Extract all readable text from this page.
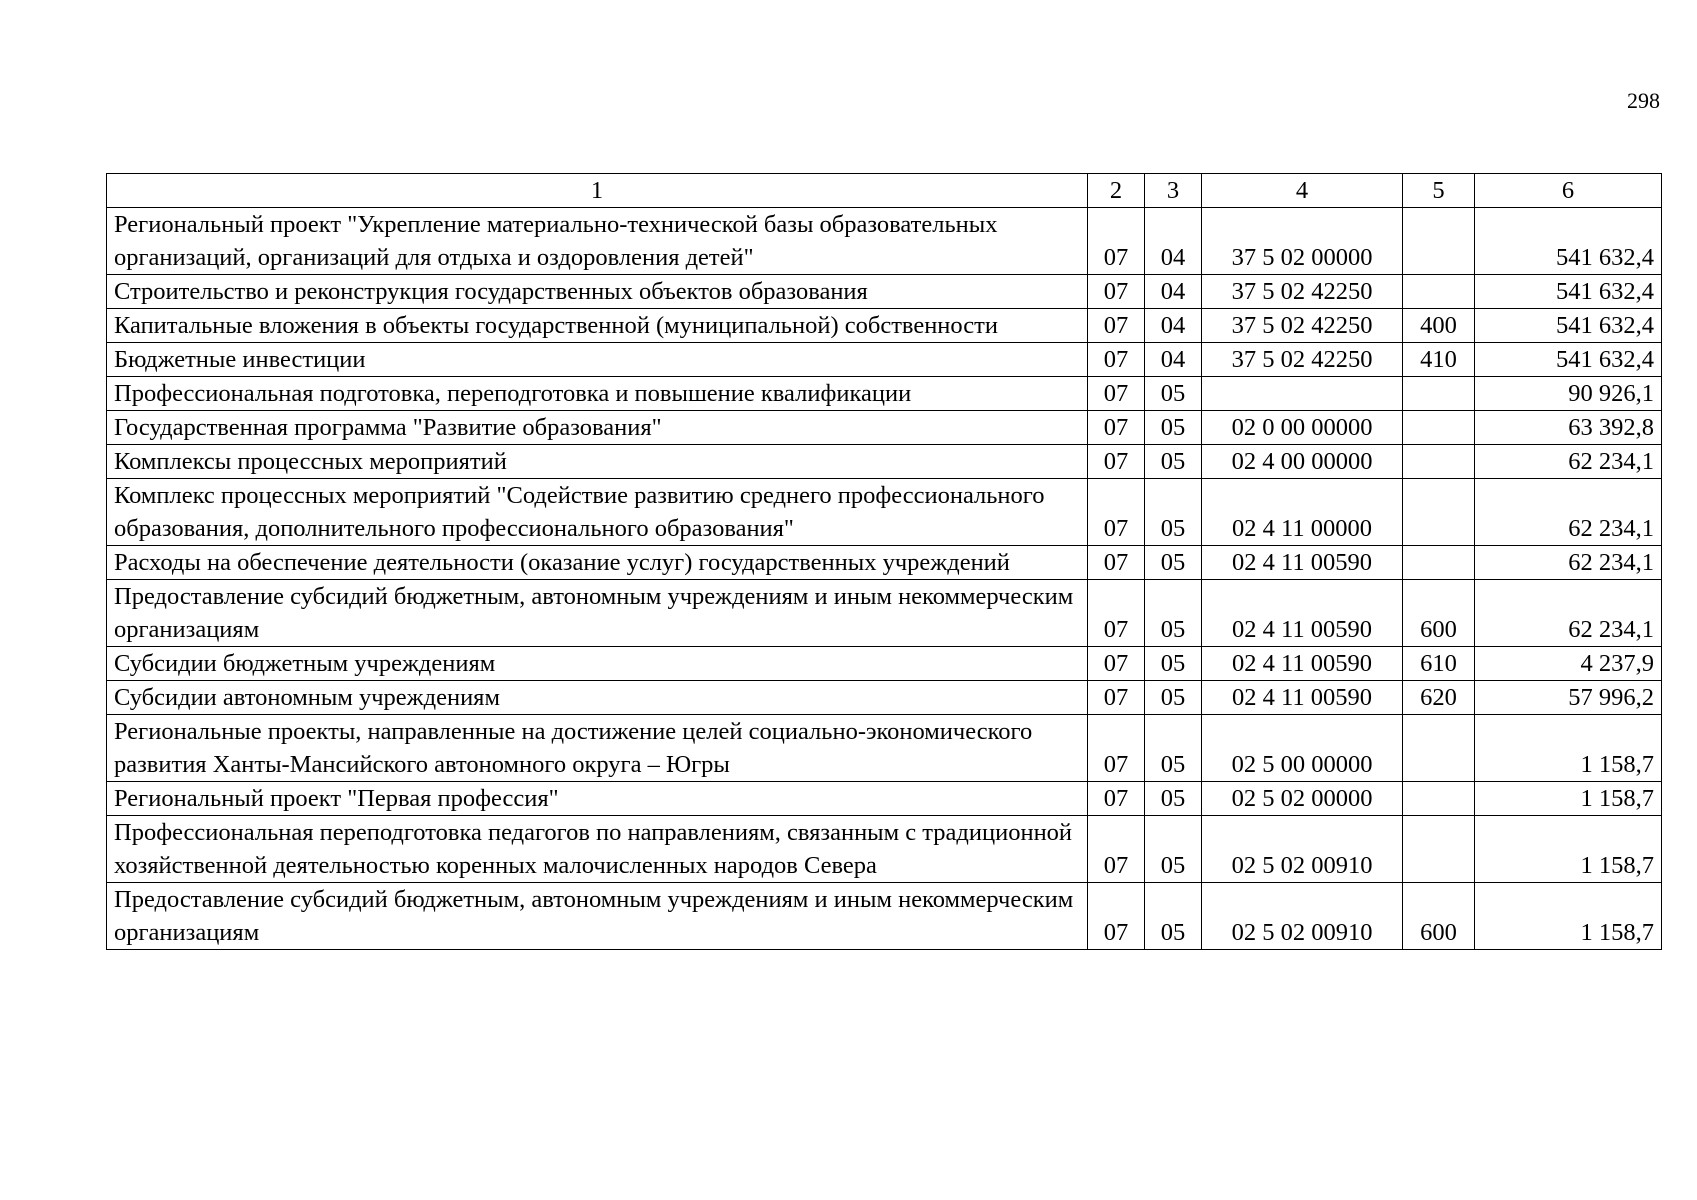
298
1	2	3	4	5	6
Региональный проект "Укрепление материально-технической базы образовательных организаций, организаций для отдыха и оздоровления детей"	07	04	37 5 02 00000		541 632,4
Строительство и реконструкция государственных объектов образования	07	04	37 5 02 42250		541 632,4
Капитальные вложения в объекты государственной (муниципальной) собственности	07	04	37 5 02 42250	400	541 632,4
Бюджетные инвестиции	07	04	37 5 02 42250	410	541 632,4
Профессиональная подготовка, переподготовка и повышение квалификации	07	05			90 926,1
Государственная программа "Развитие образования"	07	05	02 0 00 00000		63 392,8
Комплексы процессных мероприятий	07	05	02 4 00 00000		62 234,1
Комплекс процессных мероприятий "Содействие развитию среднего профессионального образования, дополнительного профессионального образования"	07	05	02 4 11 00000		62 234,1
Расходы на обеспечение деятельности (оказание услуг) государственных учреждений	07	05	02 4 11 00590		62 234,1
Предоставление субсидий бюджетным, автономным учреждениям и иным некоммерческим организациям	07	05	02 4 11 00590	600	62 234,1
Субсидии бюджетным учреждениям	07	05	02 4 11 00590	610	4 237,9
Субсидии автономным учреждениям	07	05	02 4 11 00590	620	57 996,2
Региональные проекты, направленные на достижение целей социально-экономического развития Ханты-Мансийского автономного округа – Югры	07	05	02 5 00 00000		1 158,7
Региональный проект "Первая профессия"	07	05	02 5 02 00000		1 158,7
Профессиональная переподготовка педагогов по направлениям, связанным с традиционной хозяйственной деятельностью коренных малочисленных народов Севера	07	05	02 5 02 00910		1 158,7
Предоставление субсидий бюджетным, автономным учреждениям и иным некоммерческим организациям	07	05	02 5 02 00910	600	1 158,7
